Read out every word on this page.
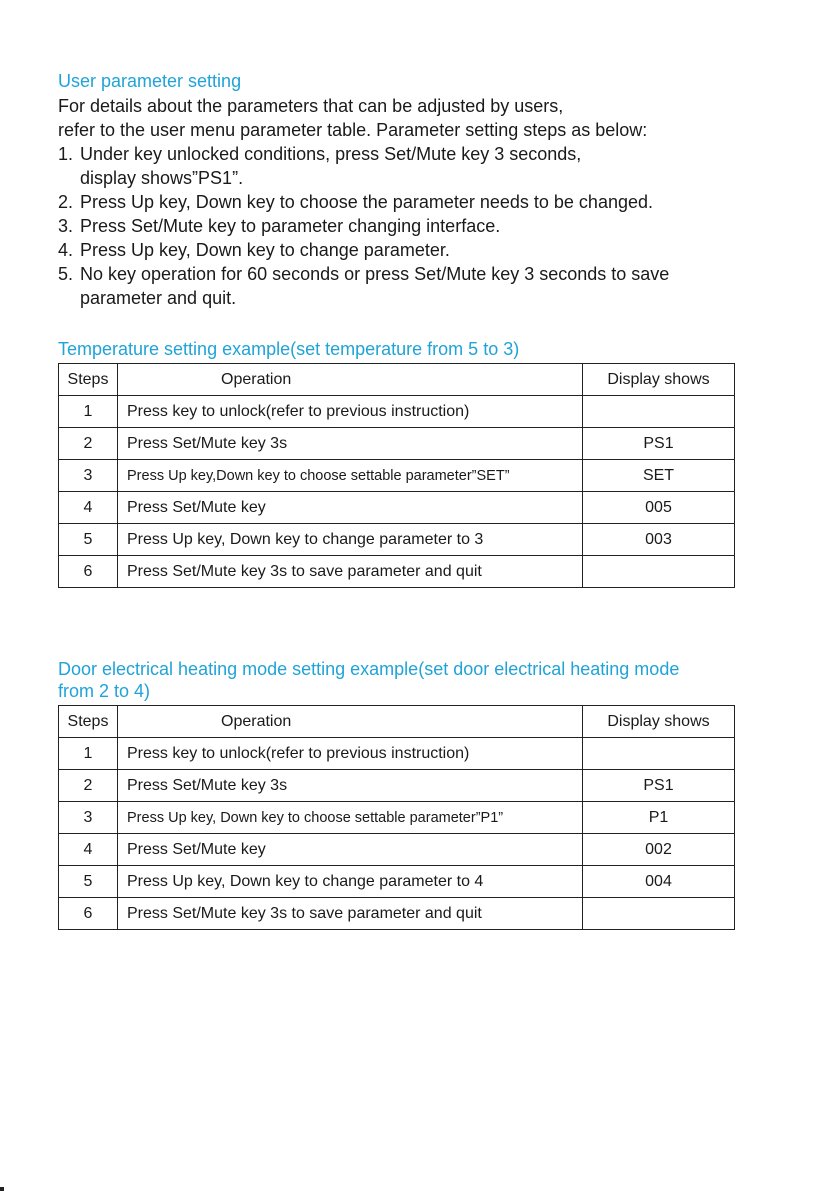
User parameter setting

For details about the parameters that can be adjusted by users,
refer to the user menu parameter table. Parameter setting steps as below:

1. Under key unlocked conditions, press Set/Mute key 3 seconds,
display shows”PS1”.
2. Press Up key, Down key to choose the parameter needs to be changed.
3. Press Set/Mute key to parameter changing interface.
4. Press Up key, Down key to change parameter.
5. No key operation for 60 seconds or press Set/Mute key 3 seconds to save
parameter and quit.
Temperature setting example(set temperature from 5 to 3)
Steps	Operation	Display shows
1	Press key to unlock(refer to previous instruction)	
2	Press Set/Mute key 3s	PS1
3	Press Up key,Down key to choose settable parameter”SET”	SET
4	Press Set/Mute key	005
5	Press Up key, Down key to change parameter to 3	003
6	Press Set/Mute key 3s to save parameter and quit	
Door electrical heating mode setting example(set door electrical heating mode
from 2 to 4)
Steps	Operation	Display shows
1	Press key to unlock(refer to previous instruction)	
2	Press Set/Mute key 3s	PS1
3	Press Up key, Down key to choose settable parameter”P1”	P1
4	Press Set/Mute key	002
5	Press Up key, Down key to change parameter to 4	004
6	Press Set/Mute key 3s to save parameter and quit	
